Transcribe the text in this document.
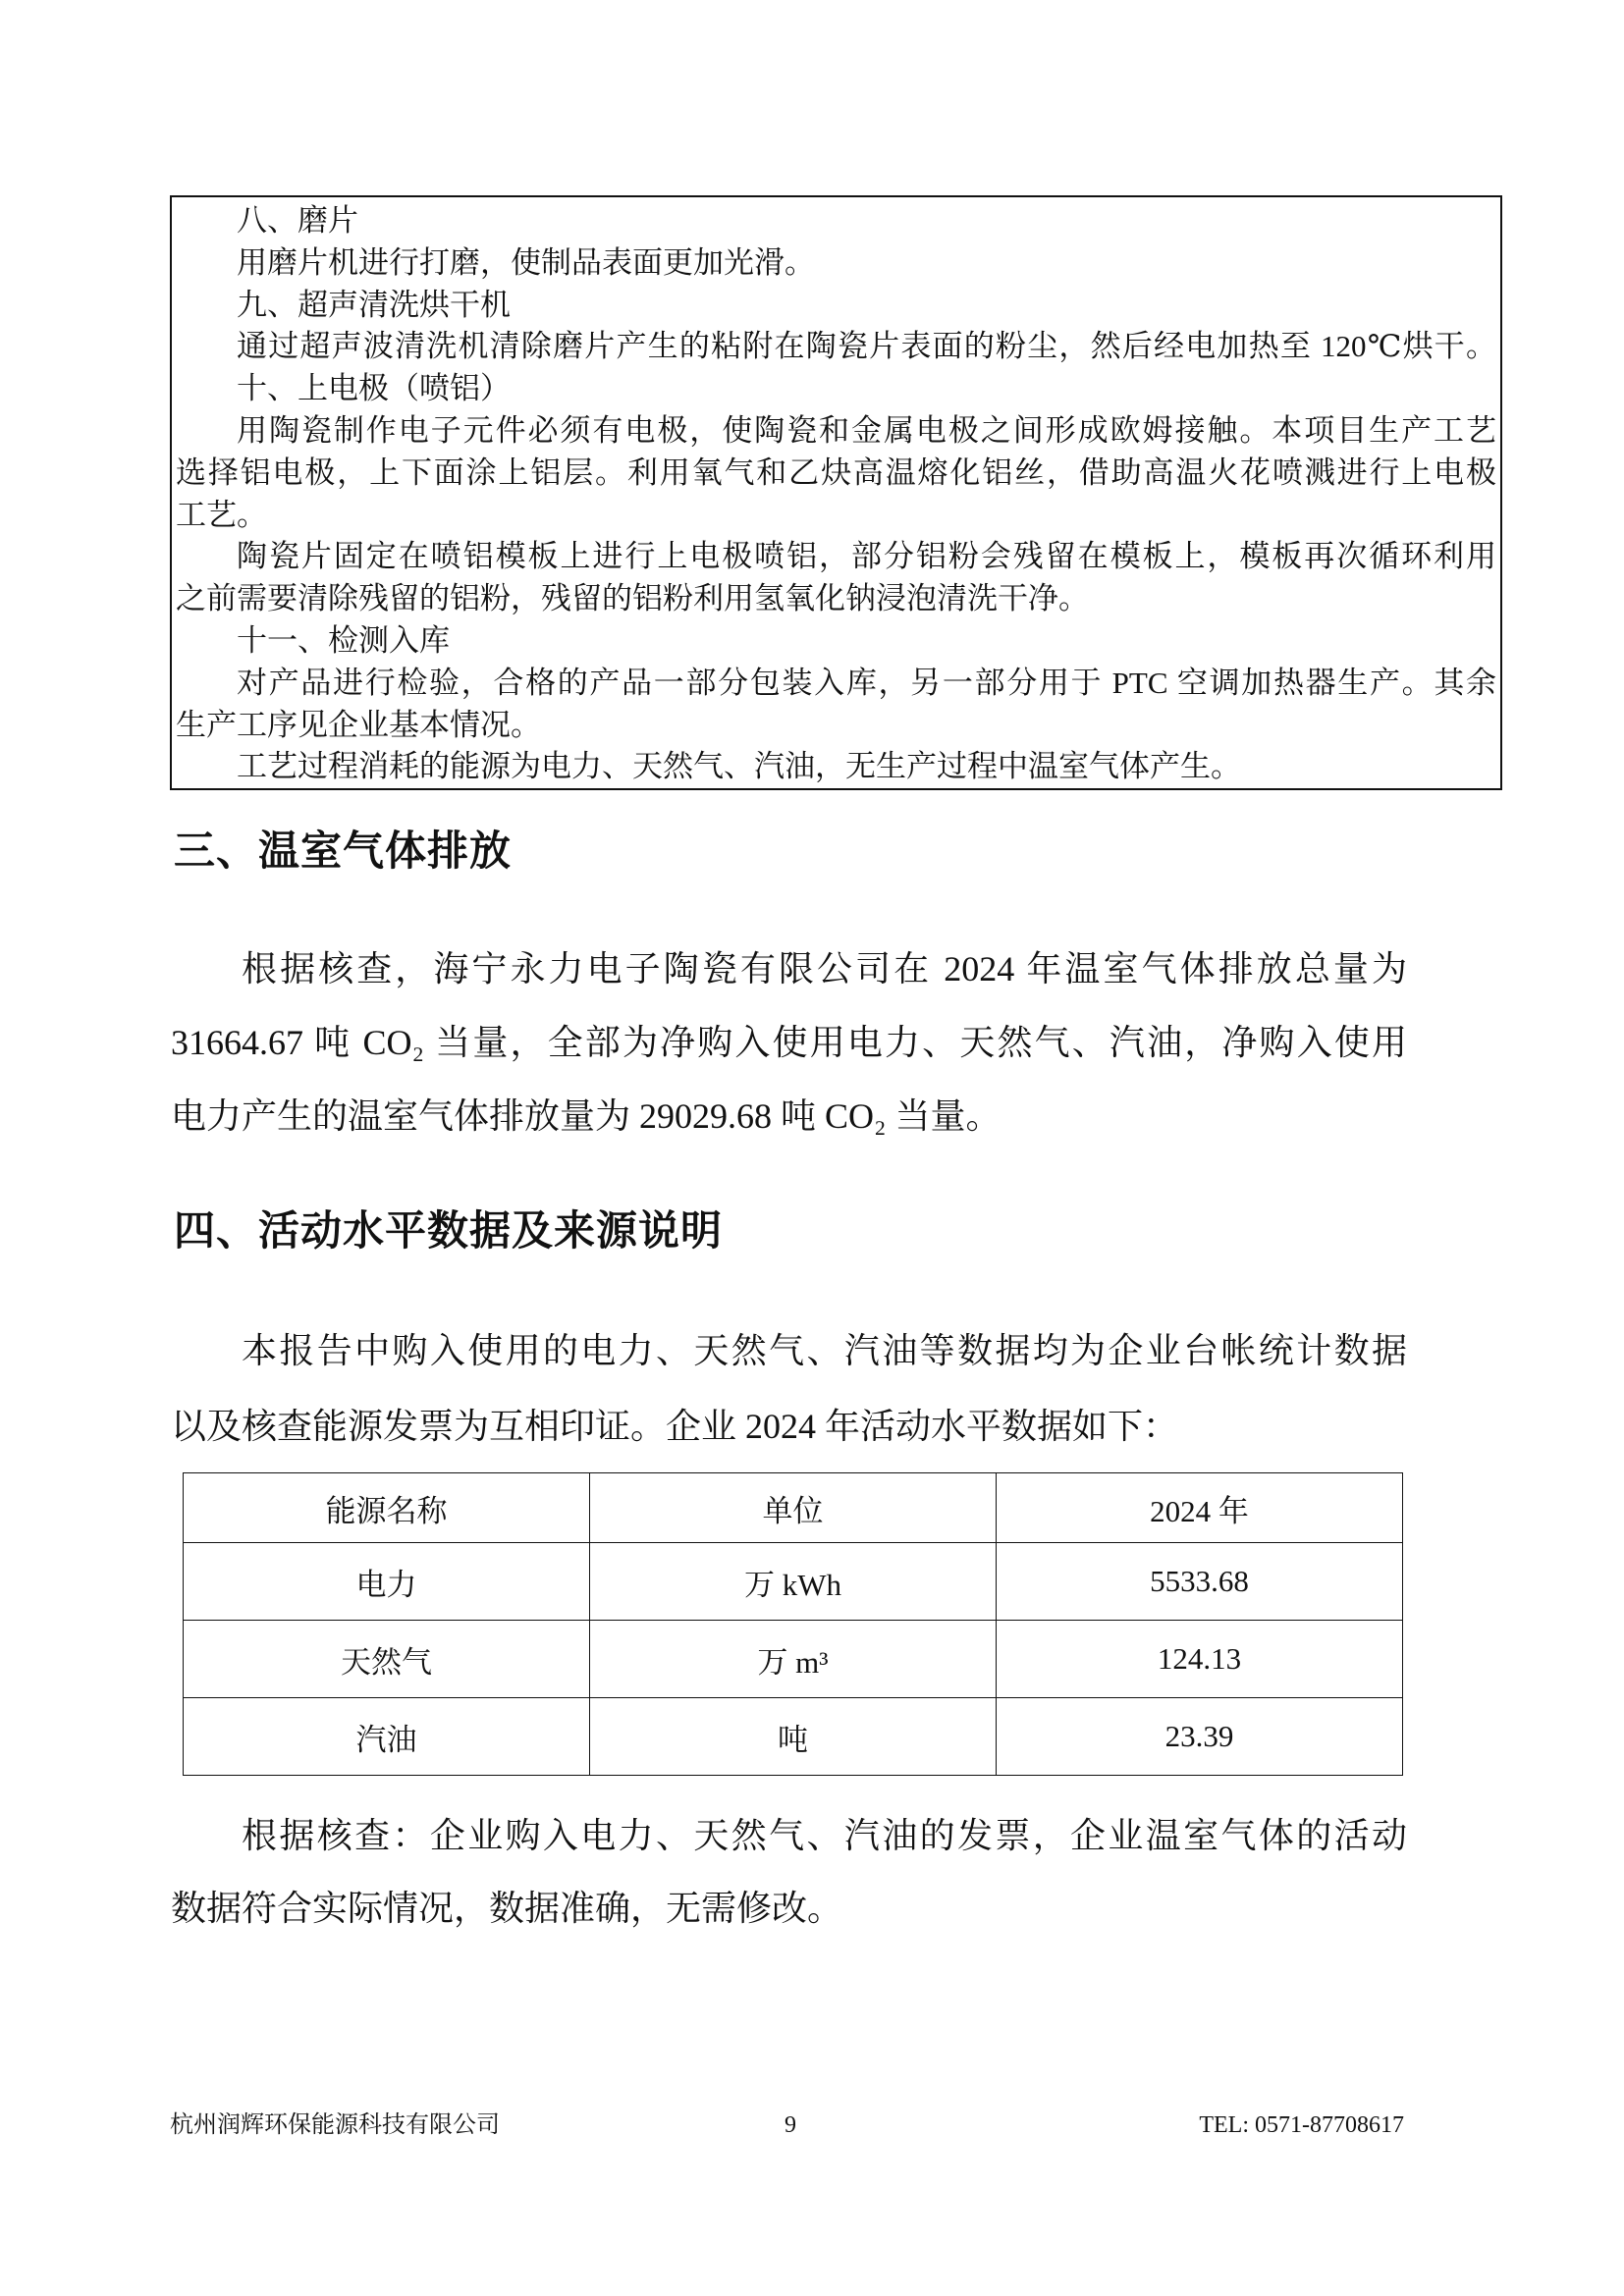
八、磨片
用磨片机进行打磨，使制品表面更加光滑。
九、超声清洗烘干机
通过超声波清洗机清除磨片产生的粘附在陶瓷片表面的粉尘，然后经电加热至 120℃烘干。
十、上电极（喷铝）
用陶瓷制作电子元件必须有电极，使陶瓷和金属电极之间形成欧姆接触。本项目生产工艺
选择铝电极，上下面涂上铝层。利用氧气和乙炔高温熔化铝丝，借助高温火花喷溅进行上电极
工艺。
陶瓷片固定在喷铝模板上进行上电极喷铝，部分铝粉会残留在模板上，模板再次循环利用
之前需要清除残留的铝粉，残留的铝粉利用氢氧化钠浸泡清洗干净。
十一、检测入库
对产品进行检验，合格的产品一部分包装入库，另一部分用于 PTC 空调加热器生产。其余
生产工序见企业基本情况。
工艺过程消耗的能源为电力、天然气、汽油，无生产过程中温室气体产生。
三、温室气体排放
根据核查，海宁永力电子陶瓷有限公司在 2024 年温室气体排放总量为
31664.67 吨 CO₂ 当量，全部为净购入使用电力、天然气、汽油，净购入使用
电力产生的温室气体排放量为 29029.68 吨 CO₂ 当量。
四、活动水平数据及来源说明
本报告中购入使用的电力、天然气、汽油等数据均为企业台帐统计数据
以及核查能源发票为互相印证。企业 2024 年活动水平数据如下：
能源名称	单位	2024 年
电力	万 kWh	5533.68
天然气	万 m³	124.13
汽油	吨	23.39
根据核查：企业购入电力、天然气、汽油的发票，企业温室气体的活动
数据符合实际情况，数据准确，无需修改。
杭州润辉环保能源科技有限公司	9	TEL: 0571-87708617
